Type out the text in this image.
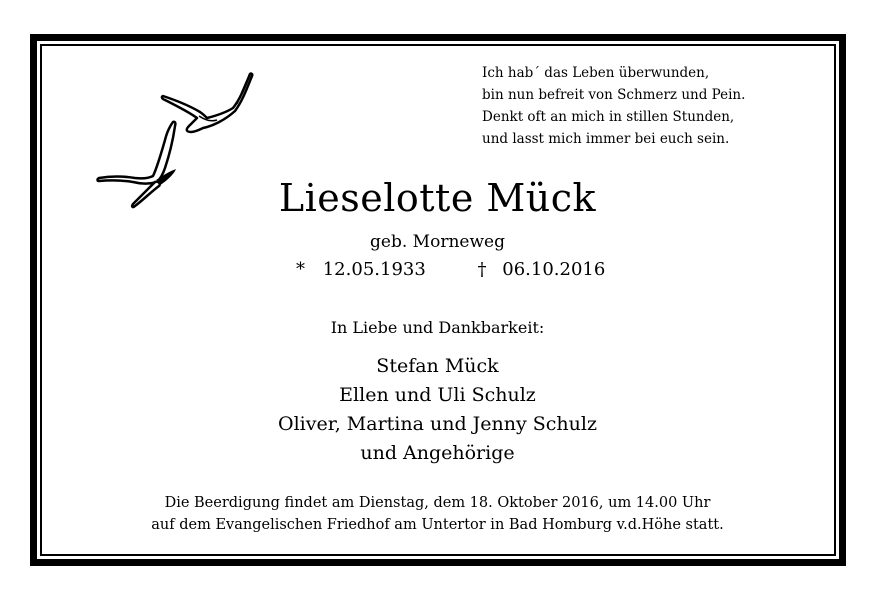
Ich hab´ das Leben überwunden,
bin nun befreit von Schmerz und Pein.
Denkt oft an mich in stillen Stunden,
und lasst mich immer bei euch sein.
Lieselotte Mück
geb. Morneweg
* 12.05.1933	† 06.10.2016
In Liebe und Dankbarkeit:
Stefan Mück
Ellen und Uli Schulz
Oliver, Martina und Jenny Schulz
und Angehörige
Die Beerdigung findet am Dienstag, dem 18. Oktober 2016, um 14.00 Uhr
auf dem Evangelischen Friedhof am Untertor in Bad Homburg v.d.Höhe statt.
